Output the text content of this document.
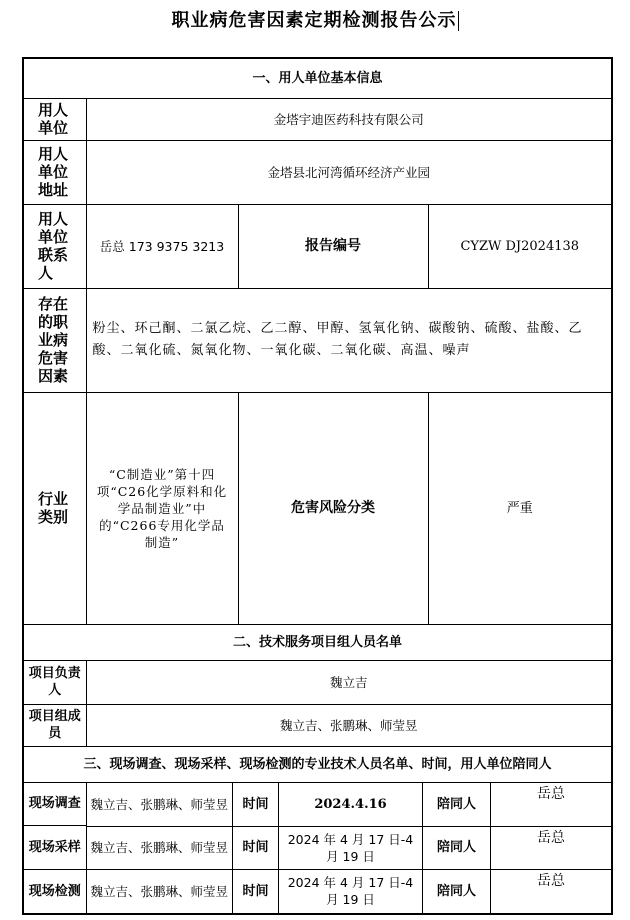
职业病危害因素定期检测报告公示
一、用人单位基本信息
用人单位	金塔宇迪医药科技有限公司
用人单位地址	金塔县北河湾循环经济产业园
用人单位联系人	岳总 173 9375 3213	报告编号	CYZW DJ2024138
存在的职业病危害因素	粉尘、环己酮、二氯乙烷、乙二醇、甲醇、氢氧化钠、碳酸钠、硫酸、盐酸、乙酸、二氧化硫、氮氧化物、一氧化碳、二氧化碳、高温、噪声
行业类别	“C制造业”第十四项“C26化学原料和化学品制造业”中的“C266专用化学品制造”	危害风险分类	严重
二、技术服务项目组人员名单
项目负责人	魏立吉
项目组成员	魏立吉、张鹏琳、师莹昱
三、现场调查、现场采样、现场检测的专业技术人员名单、时间，用人单位陪同人
现场调查	魏立吉、张鹏琳、师莹昱	时间	2024.4.16	陪同人	岳总

现场采样	魏立吉、张鹏琳、师莹昱	时间	2024 年 4 月 17 日-4 月 19 日	陪同人	岳总

现场检测	魏立吉、张鹏琳、师莹昱	时间	2024 年 4 月 17 日-4 月 19 日	陪同人	岳总
